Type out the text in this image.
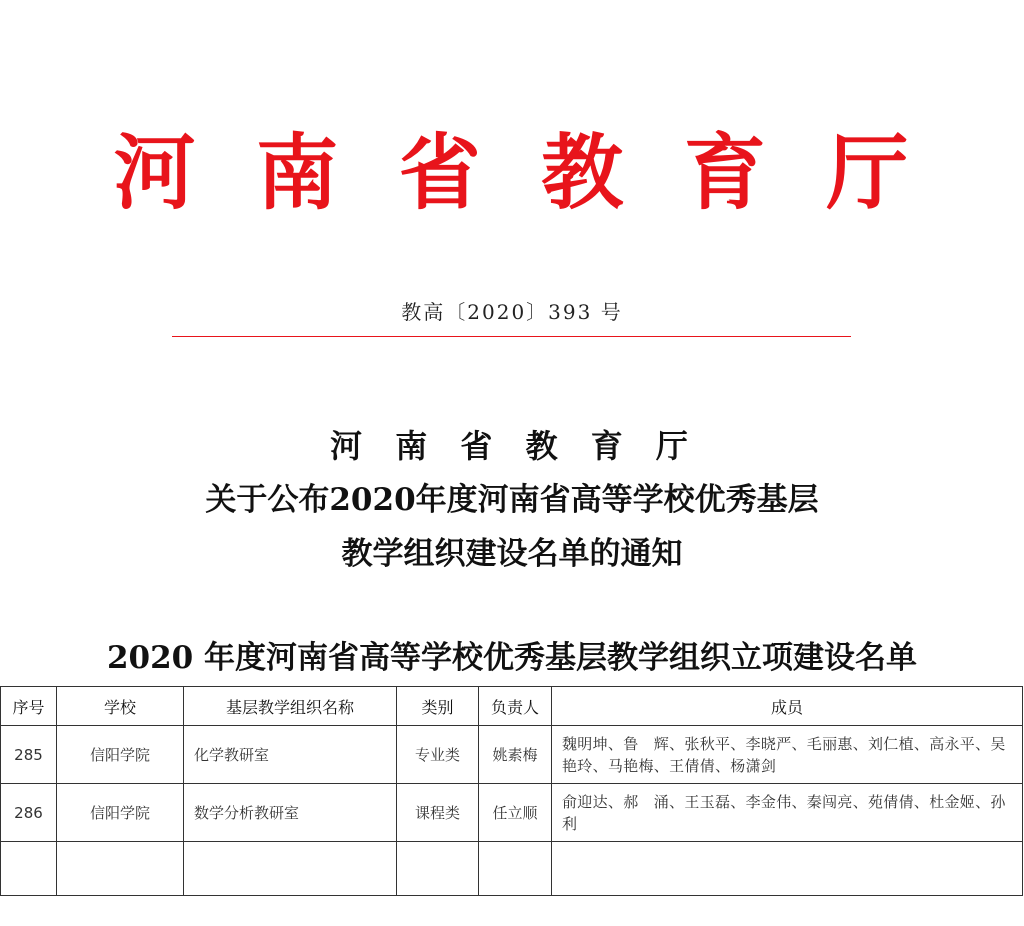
河 南 省 教 育 厅
教高〔2020〕393 号
河 南 省 教 育 厅
关于公布2020年度河南省高等学校优秀基层
教学组织建设名单的通知
2020 年度河南省高等学校优秀基层教学组织立项建设名单
序号	学校	基层教学组织名称	类别	负责人	成员
285	信阳学院	化学教研室	专业类	姚素梅	魏明坤、鲁　辉、张秋平、李晓严、毛丽惠、刘仁植、高永平、吴艳玲、马艳梅、王倩倩、杨潇剑
286	信阳学院	数学分析教研室	课程类	任立顺	俞迎达、郝　涌、王玉磊、李金伟、秦闯亮、苑倩倩、杜金姬、孙　利
